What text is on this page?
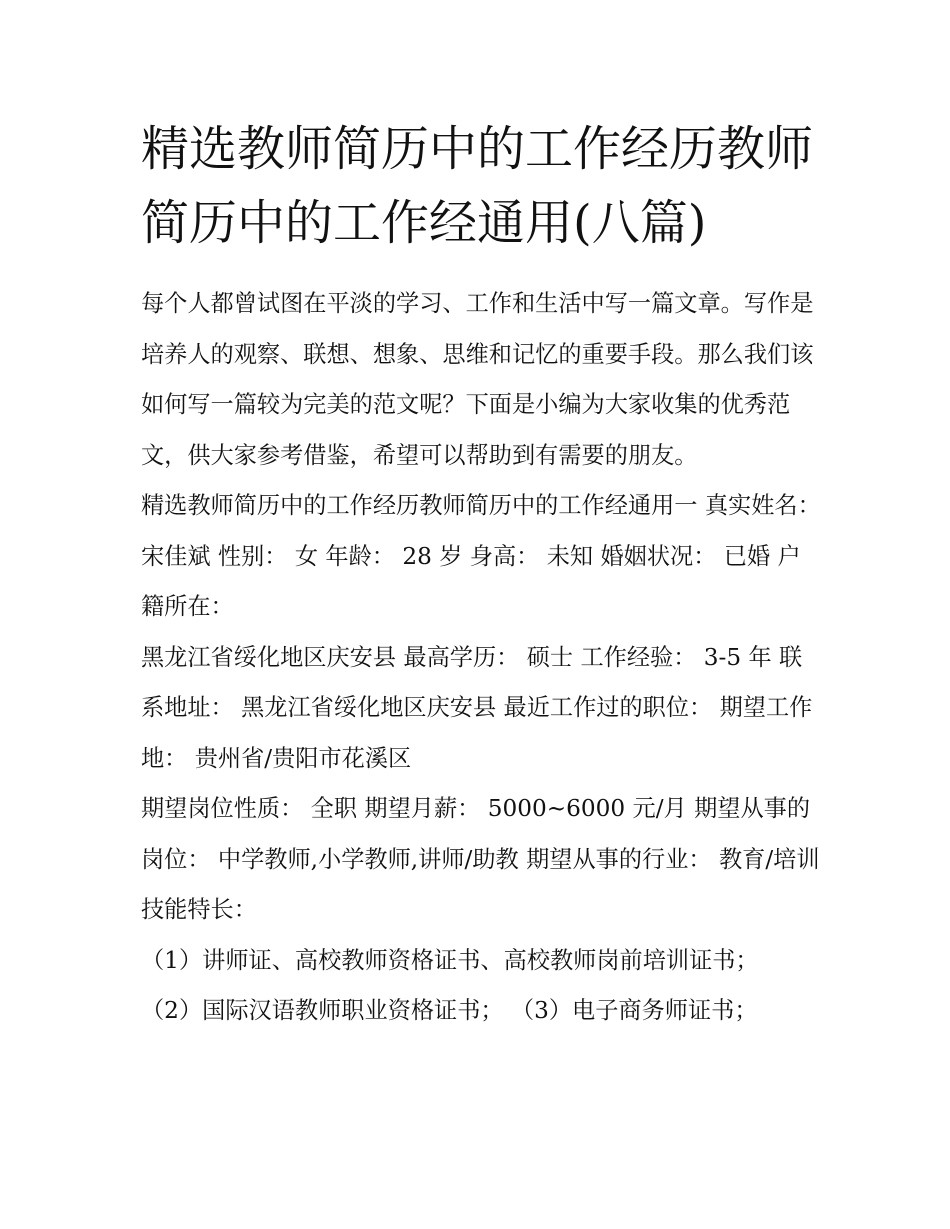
精选教师简历中的工作经历教师简历中的工作经通用(八篇)

每个人都曾试图在平淡的学习、工作和生活中写一篇文章。写作是培养人的观察、联想、想象、思维和记忆的重要手段。那么我们该如何写一篇较为完美的范文呢？下面是小编为大家收集的优秀范文，供大家参考借鉴，希望可以帮助到有需要的朋友。

精选教师简历中的工作经历教师简历中的工作经通用一 真实姓名： 宋佳斌 性别： 女 年龄： 28 岁 身高： 未知 婚姻状况： 已婚 户籍所在：

黑龙江省绥化地区庆安县 最高学历： 硕士 工作经验： 3-5 年 联系地址： 黑龙江省绥化地区庆安县 最近工作过的职位： 期望工作地： 贵州省/贵阳市花溪区

期望岗位性质： 全职 期望月薪： 5000~6000 元/月 期望从事的岗位： 中学教师,小学教师,讲师/助教 期望从事的行业： 教育/培训 技能特长：

（1）讲师证、高校教师资格证书、高校教师岗前培训证书；

（2）国际汉语教师职业资格证书； （3）电子商务师证书；
